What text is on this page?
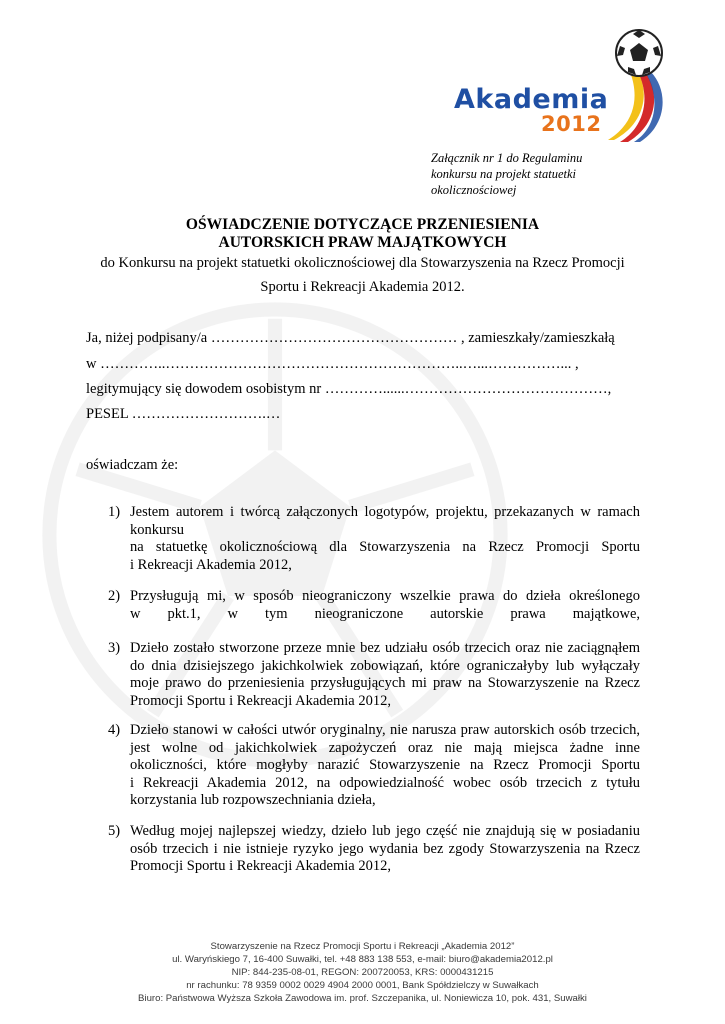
Akademia
2012
Załącznik nr 1 do Regulaminu
konkursu na projekt statuetki
okolicznościowej
OŚWIADCZENIE DOTYCZĄCE PRZENIESIENIA
AUTORSKICH PRAW MAJĄTKOWYCH
do Konkursu na projekt statuetki okolicznościowej dla Stowarzyszenia na Rzecz Promocji
Sportu i Rekreacji Akademia 2012.
Ja, niżej podpisany/a …………………………………………… , zamieszkały/zamieszkałą
w …………..……………………………………………………..…...……………... ,
legitymujący się dowodem osobistym nr …………......……………………………………,
PESEL ……………………….…
oświadczam że:
1) Jestem autorem i twórcą załączonych logotypów, projektu, przekazanych w ramach
konkursu
na statuetkę okolicznościową dla Stowarzyszenia na Rzecz Promocji Sportu
i Rekreacji Akademia 2012,
2) Przysługują mi, w sposób nieograniczony wszelkie prawa do dzieła określonego
w pkt.1, w tym nieograniczone autorskie prawa majątkowe,
3) Dzieło zostało stworzone przeze mnie bez udziału osób trzecich oraz nie zaciągnąłem
do dnia dzisiejszego jakichkolwiek zobowiązań, które ograniczałyby lub wyłączały
moje prawo do przeniesienia przysługujących mi praw na Stowarzyszenie na Rzecz
Promocji Sportu i Rekreacji Akademia 2012,
4) Dzieło stanowi w całości utwór oryginalny, nie narusza praw autorskich osób trzecich,
jest wolne od jakichkolwiek zapożyczeń oraz nie mają miejsca żadne inne
okoliczności, które mogłyby narazić Stowarzyszenie na Rzecz Promocji Sportu
i Rekreacji Akademia 2012, na odpowiedzialność wobec osób trzecich z tytułu
korzystania lub rozpowszechniania dzieła,
5) Według mojej najlepszej wiedzy, dzieło lub jego część nie znajdują się w posiadaniu
osób trzecich i nie istnieje ryzyko jego wydania bez zgody Stowarzyszenia na Rzecz
Promocji Sportu i Rekreacji Akademia 2012,
Stowarzyszenie na Rzecz Promocji Sportu i Rekreacji „Akademia 2012”
ul. Waryńskiego 7, 16-400 Suwałki, tel. +48 883 138 553, e-mail: biuro@akademia2012.pl
NIP: 844-235-08-01, REGON: 200720053, KRS: 0000431215
nr rachunku: 78 9359 0002 0029 4904 2000 0001, Bank Spółdzielczy w Suwałkach
Biuro: Państwowa Wyższa Szkoła Zawodowa im. prof. Szczepanika, ul. Noniewicza 10, pok. 431, Suwałki
